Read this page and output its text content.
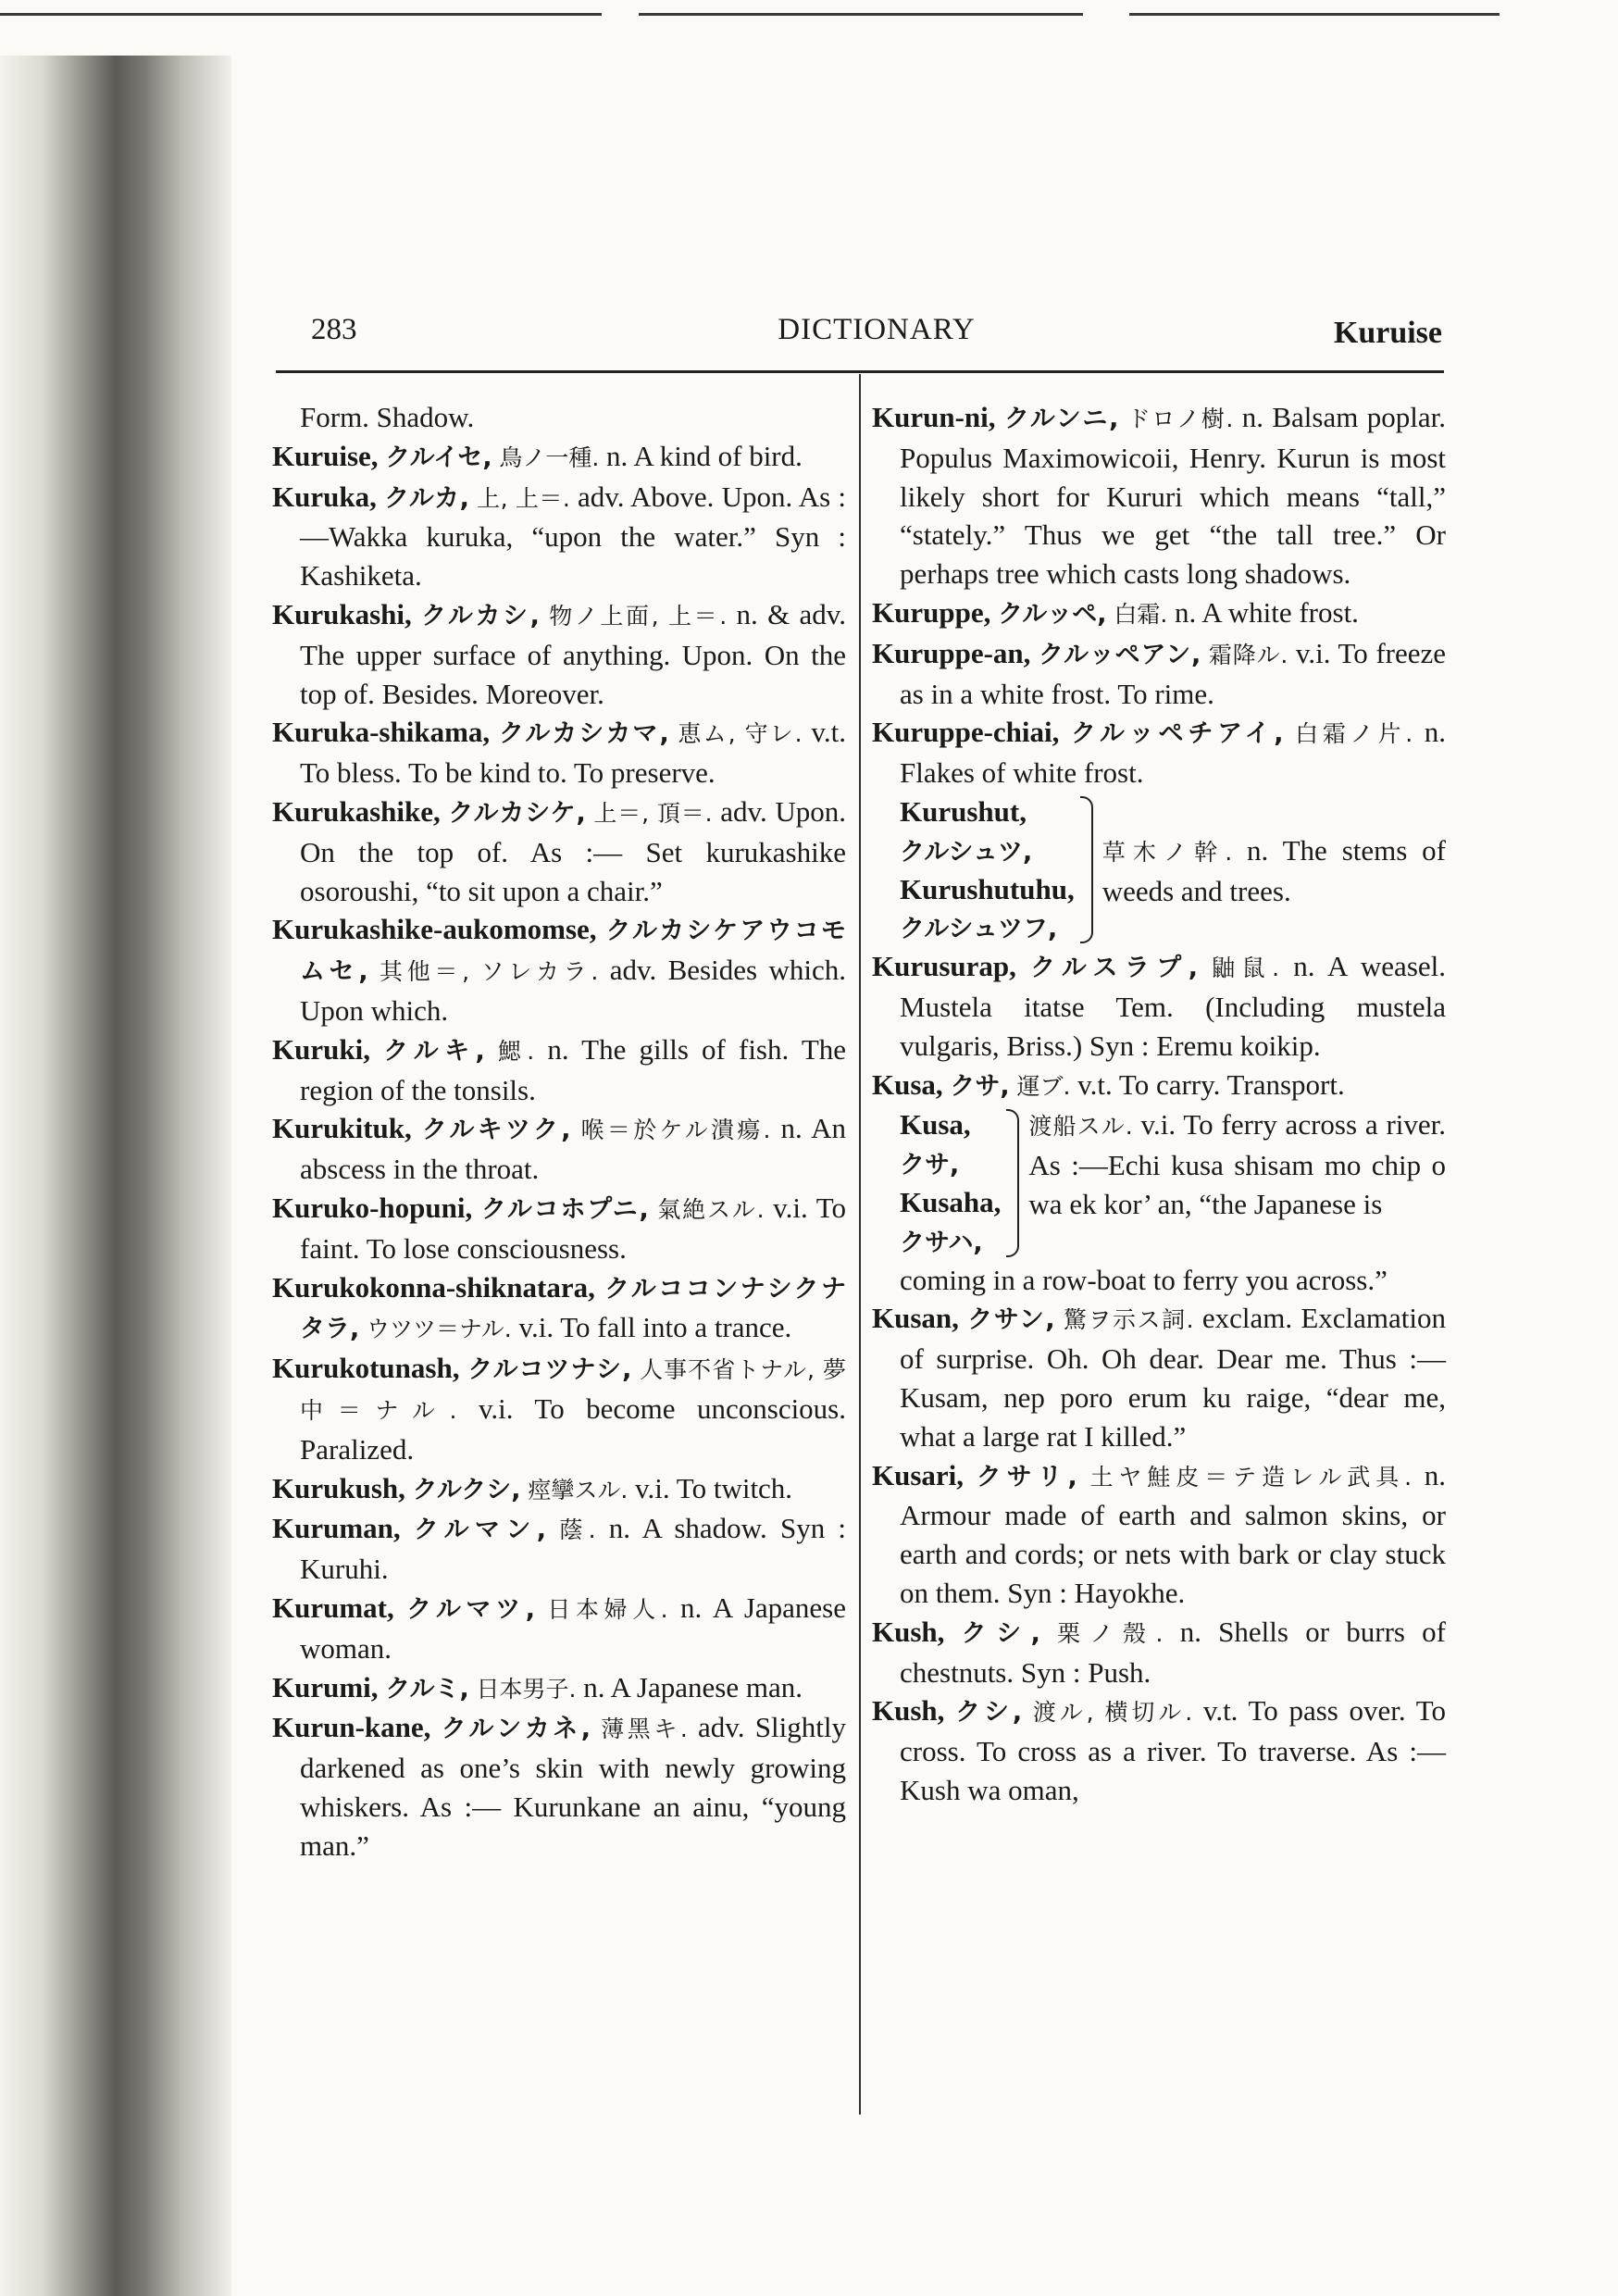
283	DICTIONARY	Kuruise

Form. Shadow.

Kuruise, クルイセ, 鳥ノ一種. n. A kind of bird.

Kuruka, クルカ, 上, 上＝. adv. Above. Upon. As :—Wakka kuruka, “upon the water.” Syn : Kashiketa.

Kurukashi, クルカシ, 物ノ上面, 上＝. n. & adv. The upper surface of anything. Upon. On the top of. Besides. Moreover.

Kuruka-shikama, クルカシカマ, 恵ム, 守レ. v.t. To bless. To be kind to. To preserve.

Kurukashike, クルカシケ, 上＝, 頂＝. adv. Upon. On the top of. As :— Set kurukashike osoroushi, “to sit upon a chair.”

Kurukashike-aukomomse, クルカシケアウコモムセ, 其他＝, ソレカラ. adv. Besides which. Upon which.

Kuruki, クルキ, 鰓. n. The gills of fish. The region of the tonsils.

Kurukituk, クルキツク, 喉＝於ケル潰瘍. n. An abscess in the throat.

Kuruko-hopuni, クルコホプニ, 氣絶スル. v.i. To faint. To lose consciousness.

Kurukokonna-shiknatara, クルココンナシクナタラ, ウツツ＝ナル. v.i. To fall into a trance.

Kurukotunash, クルコツナシ, 人事不省トナル, 夢中＝ナル. v.i. To become unconscious. Paralized.

Kurukush, クルクシ, 痙攣スル. v.i. To twitch.

Kuruman, クルマン, 蔭. n. A shadow. Syn : Kuruhi.

Kurumat, クルマツ, 日本婦人. n. A Japanese woman.

Kurumi, クルミ, 日本男子. n. A Japanese man.

Kurun-kane, クルンカネ, 薄黑キ. adv. Slightly darkened as one’s skin with newly growing whiskers. As :— Kurunkane an ainu, “young man.”

Kurun-ni, クルンニ, ドロノ樹. n. Balsam poplar. Populus Maximowicoii, Henry. Kurun is most likely short for Kururi which means “tall,” “stately.” Thus we get “the tall tree.” Or perhaps tree which casts long shadows.

Kuruppe, クルッペ, 白霜. n. A white frost.

Kuruppe-an, クルッペアン, 霜降ル. v.i. To freeze as in a white frost. To rime.

Kuruppe-chiai, クルッペチアイ, 白霜ノ片. n. Flakes of white frost.

Kurushut,
クルシュツ,
Kurushutuhu,
クルシュツフ,
草木ノ幹. n. The stems of weeds and trees.

Kurusurap, クルスラプ, 鼬鼠. n. A weasel. Mustela itatse Tem. (Including mustela vulgaris, Briss.) Syn : Eremu koikip.

Kusa, クサ, 運ブ. v.t. To carry. Transport.

Kusa,
クサ,
Kusaha,
クサハ,
渡船スル. v.i. To ferry across a river. As :—Echi kusa shisam mo chip o wa ek kor’ an, “the Japanese is

coming in a row-boat to ferry you across.”

Kusan, クサン, 驚ヲ示ス詞. exclam. Exclamation of surprise. Oh. Oh dear. Dear me. Thus :—Kusam, nep poro erum ku raige, “dear me, what a large rat I killed.”

Kusari, クサリ, 土ヤ鮭皮＝テ造レル武具. n. Armour made of earth and salmon skins, or earth and cords; or nets with bark or clay stuck on them. Syn : Hayokhe.

Kush, クシ, 栗ノ殼. n. Shells or burrs of chestnuts. Syn : Push.

Kush, クシ, 渡ル, 横切ル. v.t. To pass over. To cross. To cross as a river. To traverse. As :—Kush wa oman,
